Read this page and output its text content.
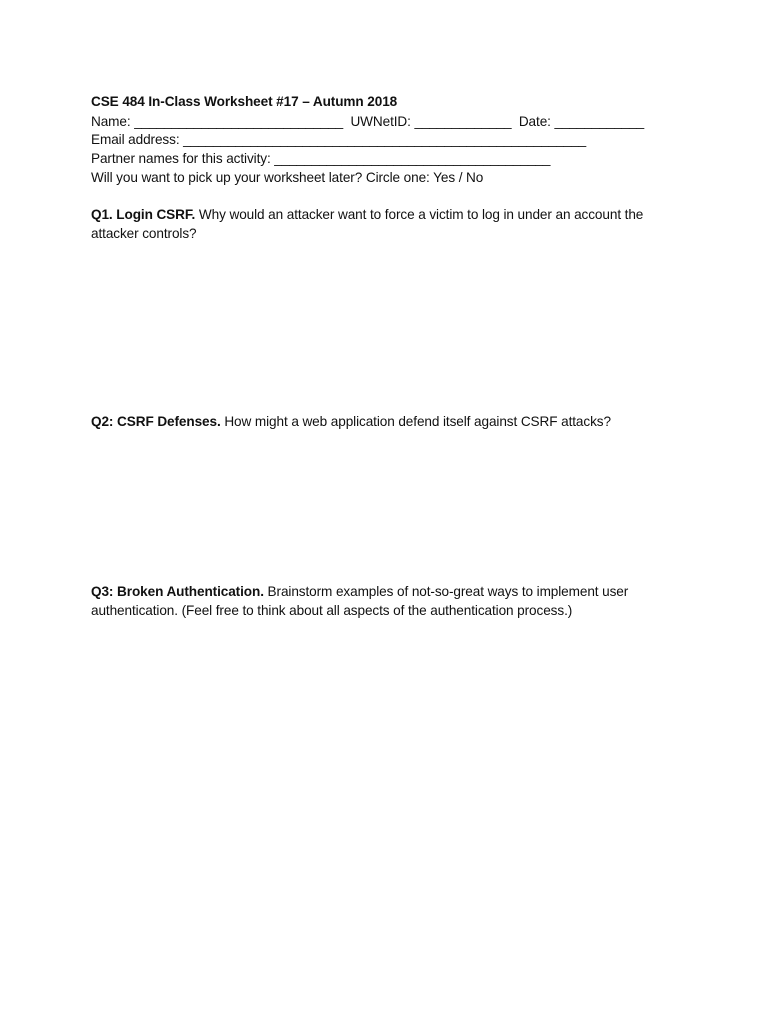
CSE 484 In-Class Worksheet #17 – Autumn 2018
Name: ____________________________  UWNetID: _____________  Date: ____________
Email address: ______________________________________________________
Partner names for this activity: _____________________________________
Will you want to pick up your worksheet later? Circle one: Yes / No
Q1. Login CSRF. Why would an attacker want to force a victim to log in under an account the attacker controls?
Q2: CSRF Defenses. How might a web application defend itself against CSRF attacks?
Q3: Broken Authentication. Brainstorm examples of not-so-great ways to implement user authentication. (Feel free to think about all aspects of the authentication process.)
